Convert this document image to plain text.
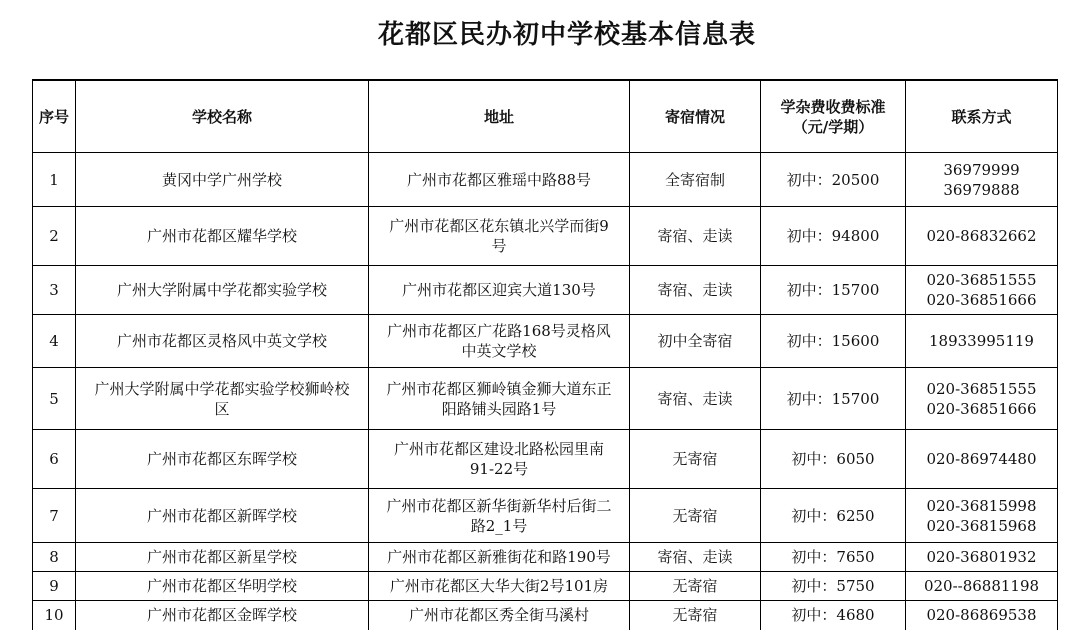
花都区民办初中学校基本信息表
序号	学校名称	地址	寄宿情况	学杂费收费标准
（元/学期）	联系方式
1	黄冈中学广州学校	广州市花都区雅瑶中路88号	全寄宿制	初中：20500	36979999
36979888

2	广州市花都区耀华学校	广州市花都区花东镇北兴学而街9
号	寄宿、走读	初中：94800	020-86832662

3	广州大学附属中学花都实验学校	广州市花都区迎宾大道130号	寄宿、走读	初中：15700	020-36851555
020-36851666

4	广州市花都区灵格风中英文学校	广州市花都区广花路168号灵格风
中英文学校	初中全寄宿	初中：15600	18933995119

5	广州大学附属中学花都实验学校狮岭校
区	广州市花都区狮岭镇金狮大道东正
阳路铺头园路1号	寄宿、走读	初中：15700	020-36851555
020-36851666

6	广州市花都区东晖学校	广州市花都区建设北路松园里南
91-22号	无寄宿	初中：6050	020-86974480

7	广州市花都区新晖学校	广州市花都区新华街新华村后街二
路2_1号	无寄宿	初中：6250	020-36815998
020-36815968

8	广州市花都区新星学校	广州市花都区新雅街花和路190号	寄宿、走读	初中：7650	020-36801932

9	广州市花都区华明学校	广州市花都区大华大街2号101房	无寄宿	初中：5750	020--86881198

10	广州市花都区金晖学校	广州市花都区秀全街马溪村	无寄宿	初中：4680	020-86869538
